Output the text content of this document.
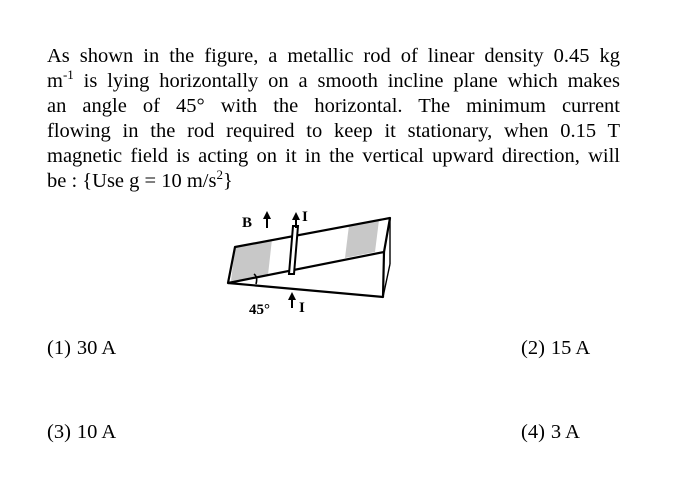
As shown in the figure, a metallic rod of linear density 0.45 kg
$m^{-1}$ is lying horizontally on a smooth incline plane which makes
an angle of 45° with the horizontal. The minimum current
flowing in the rod required to keep it stationary, when 0.15 T
magnetic field is acting on it in the vertical upward direction, will
be : {Use g = 10 $m/s^2$}
B	I
I
45°
(1) 30 A	(2) 15 A
(3) 10 A	(4) 3 A
